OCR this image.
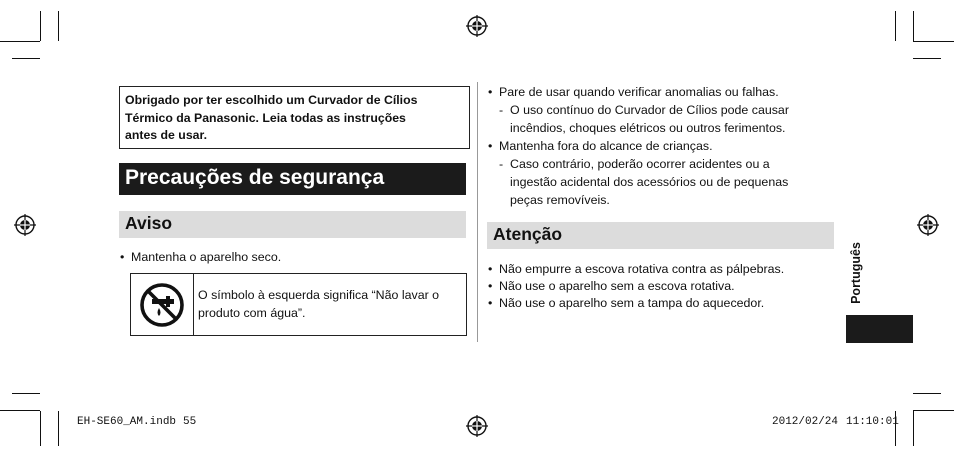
Obrigado por ter escolhido um Curvador de Cílios
Térmico da Panasonic. Leia todas as instruções
antes de usar.
Precauções de segurança
Aviso
• Mantenha o aparelho seco.
O símbolo à esquerda significa “Não lavar o
produto com água”.
• Pare de usar quando verificar anomalias ou falhas.
- O uso contínuo do Curvador de Cílios pode causar
incêndios, choques elétricos ou outros ferimentos.
• Mantenha fora do alcance de crianças.
- Caso contrário, poderão ocorrer acidentes ou a
ingestão acidental dos acessórios ou de pequenas
peças removíveis.
Atenção
• Não empurre a escova rotativa contra as pálpebras.
• Não use o aparelho sem a escova rotativa.
• Não use o aparelho sem a tampa do aquecedor.	Português
EH-SE60_AM.indb 55	2012/02/24 11:10:01
